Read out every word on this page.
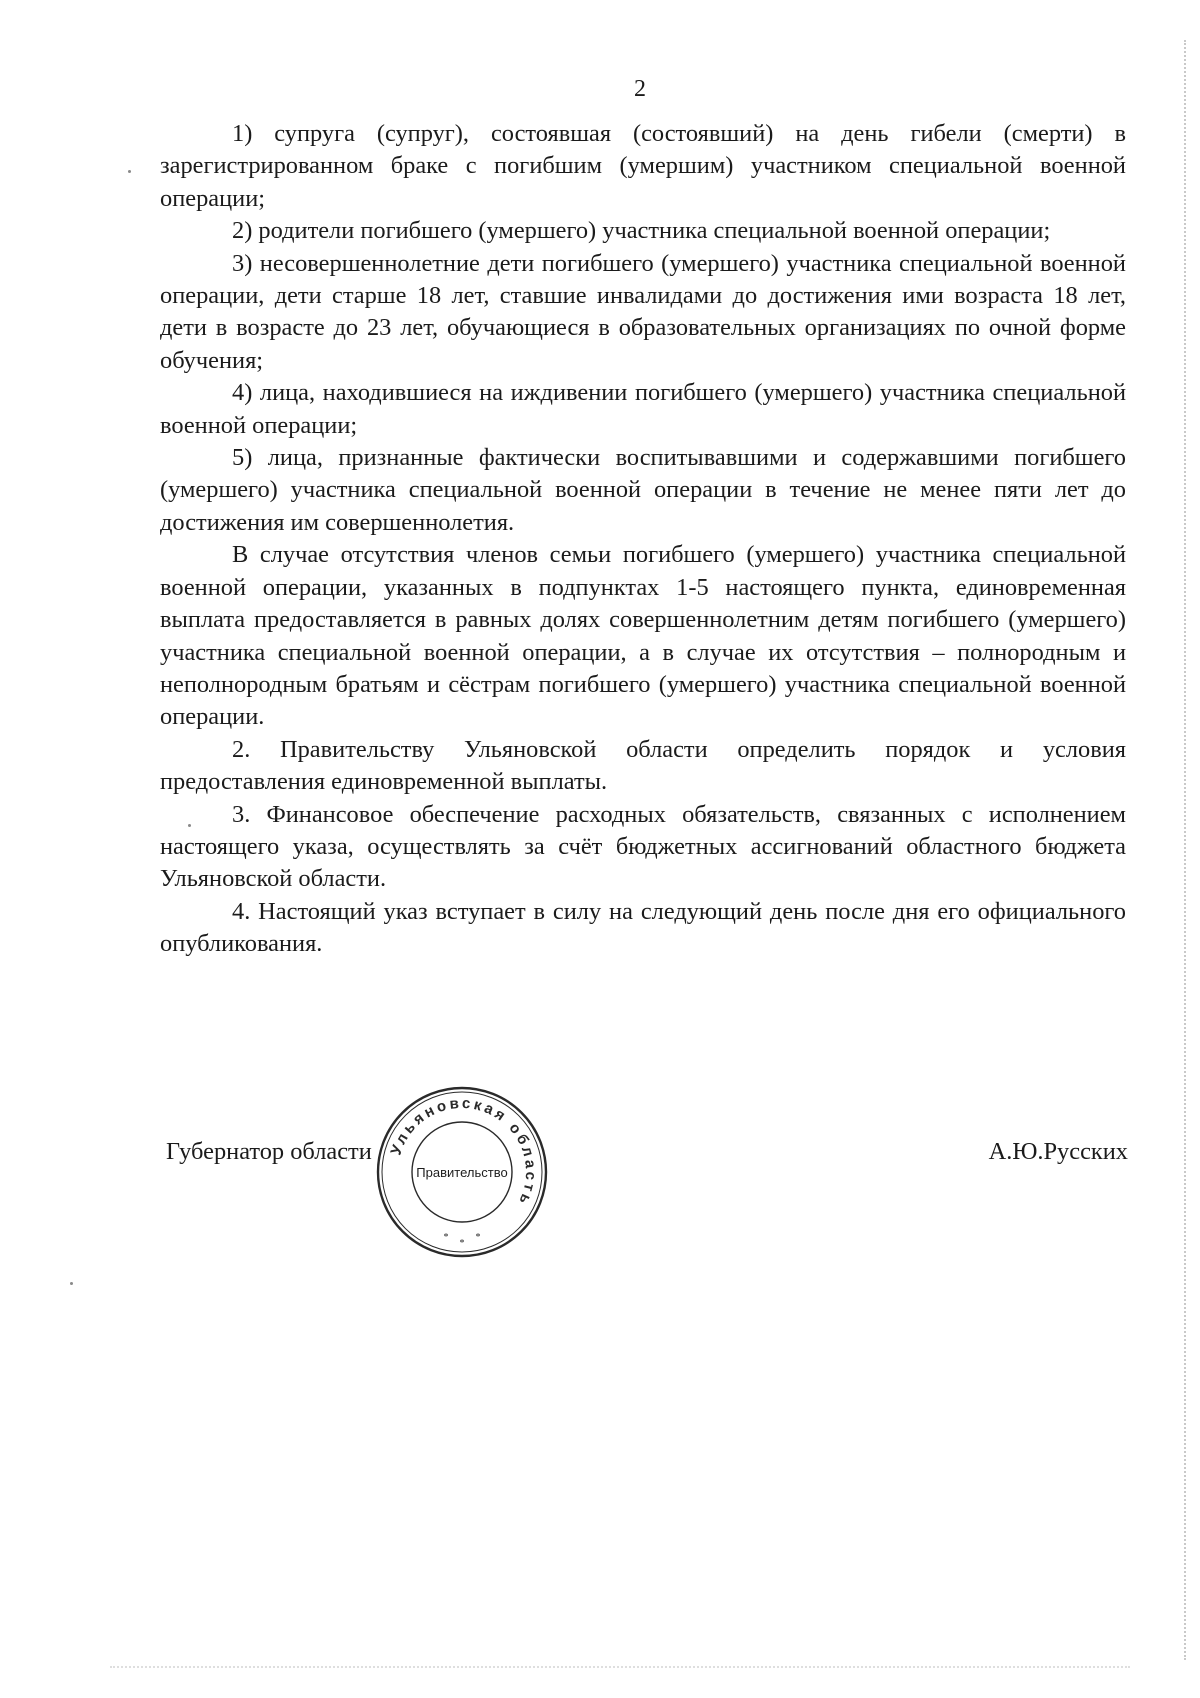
2

1) супруга (супруг), состоявшая (состоявший) на день гибели (смерти) в зарегистрированном браке с погибшим (умершим) участником специальной военной операции;

2) родители погибшего (умершего) участника специальной военной операции;

3) несовершеннолетние дети погибшего (умершего) участника специальной военной операции, дети старше 18 лет, ставшие инвалидами до достижения ими возраста 18 лет, дети в возрасте до 23 лет, обучающиеся в образовательных организациях по очной форме обучения;

4) лица, находившиеся на иждивении погибшего (умершего) участника специальной военной операции;

5) лица, признанные фактически воспитывавшими и содержавшими погибшего (умершего) участника специальной военной операции в течение не менее пяти лет до достижения им совершеннолетия.

В случае отсутствия членов семьи погибшего (умершего) участника специальной военной операции, указанных в подпунктах 1-5 настоящего пункта, единовременная выплата предоставляется в равных долях совершеннолетним детям погибшего (умершего) участника специальной военной операции, а в случае их отсутствия – полнородным и неполнородным братьям и сёстрам погибшего (умершего) участника специальной военной операции.

2. Правительству Ульяновской области определить порядок и условия предоставления единовременной выплаты.

3. Финансовое обеспечение расходных обязательств, связанных с исполнением настоящего указа, осуществлять за счёт бюджетных ассигнований областного бюджета Ульяновской области.

4. Настоящий указ вступает в силу на следующий день после дня его официального опубликования.

Губернатор области	А.Ю.Русских
Ульяновская область
Правительство
*
*
*
